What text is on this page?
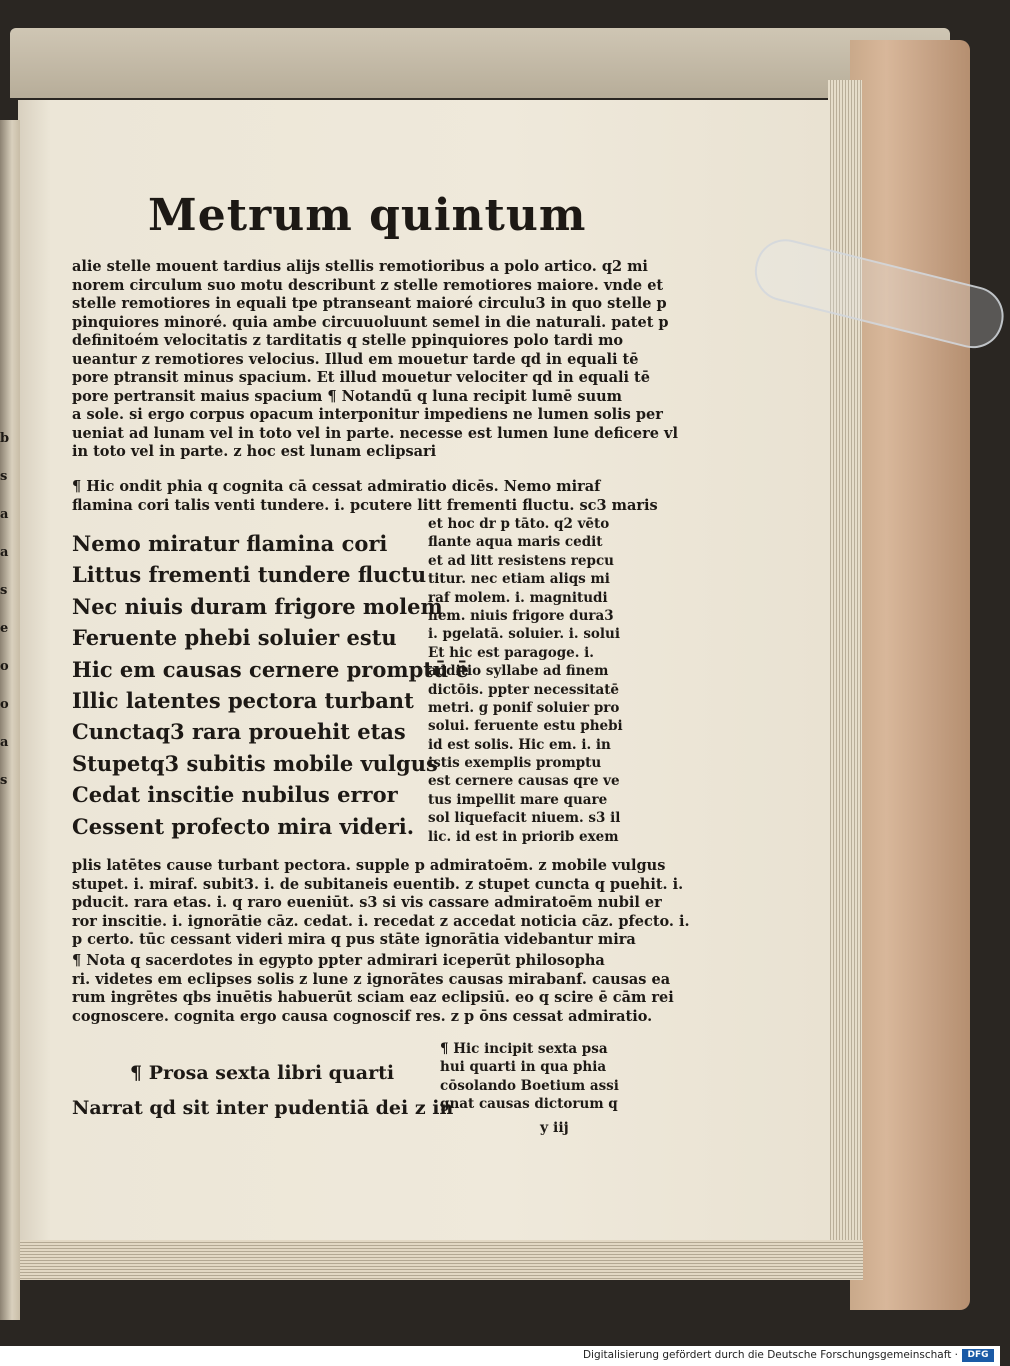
b
s
a
a
s
e
o
o
a
s
Metrum quintum
alie stelle mouent tardius alijs stellis remotioribus a polo artico. q2 mi
norem circulum suo motu describunt z stelle remotiores maiore. vnde et
stelle remotiores in equali tpe ptranseant maioré circulu3 in quo stelle p
pinquiores minoré. quia ambe circuuoluunt semel in die naturali. patet p
definitoém velocitatis z tarditatis q stelle ppinquiores polo tardi mo
ueantur z remotiores velocius. Illud em mouetur tarde qd in equali tē
pore ptransit minus spacium. Et illud mouetur velociter qd in equali tē
pore pertransit maius spacium ¶ Notandū q luna recipit lumē suum
a sole. si ergo corpus opacum interponitur impediens ne lumen solis per
ueniat ad lunam vel in toto vel in parte. necesse est lumen lune deficere vl
in toto vel in parte. z hoc est lunam eclipsari
¶ Hic ondit phia q cognita cā cessat admiratio dicēs. Nemo miraf
flamina cori talis venti tundere. i. pcutere litt frementi fluctu. sc3 maris
Nemo miratur flamina cori
Littus frementi tundere fluctu
Nec niuis duram frigore molem
Feruente phebi soluier estu
Hic em causas cernere promptū ē
Illic latentes pectora turbant
Cunctaq3 rara prouehit etas
Stupetq3 subitis mobile vulgus
Cedat inscitie nubilus error
Cessent profecto mira videri.
et hoc dr p tāto. q2 vēto
flante aqua maris cedit
et ad litt resistens repcu
titur. nec etiam aliqs mi
raf molem. i. magnitudi
nem. niuis frigore dura3
i. pgelatā. soluier. i. solui
Et hic est paragoge. i.
additio syllabe ad finem
dictōis. ppter necessitatē
metri. g ponif soluier pro
solui. feruente estu phebi
id est solis. Hic em. i. in
istis exemplis promptu
est cernere causas qre ve
tus impellit mare quare
sol liquefacit niuem. s3 il
lic. id est in priorib exem
plis latētes cause turbant pectora. supple p admiratoēm. z mobile vulgus
stupet. i. miraf. subit3. i. de subitaneis euentib. z stupet cuncta q puehit. i.
pducit. rara etas. i. q raro eueniūt. s3 si vis cassare admiratoēm nubil er
ror inscitie. i. ignorātie cāz. cedat. i. recedat z accedat noticia cāz. pfecto. i.
p certo. tūc cessant videri mira q pus stāte ignorātia videbantur mira
¶ Nota q sacerdotes in egypto ppter admirari iceperūt philosopha
ri. videtes em eclipses solis z lune z ignorātes causas mirabanf. causas ea
rum ingrētes qbs inuētis habuerūt sciam eaz eclipsiū. eo q scire ē cām rei
cognoscere. cognita ergo causa cognoscif res. z p ōns cessat admiratio.
¶ Prosa sexta libri quarti
Narrat qd sit inter pudentiā dei z in
¶ Hic incipit sexta psa
hui quarti in qua phia
cōsolando Boetium assi
gnat causas dictorum q
y iij
Digitalisierung gefördert durch die Deutsche Forschungsgemeinschaft ·	DFG
